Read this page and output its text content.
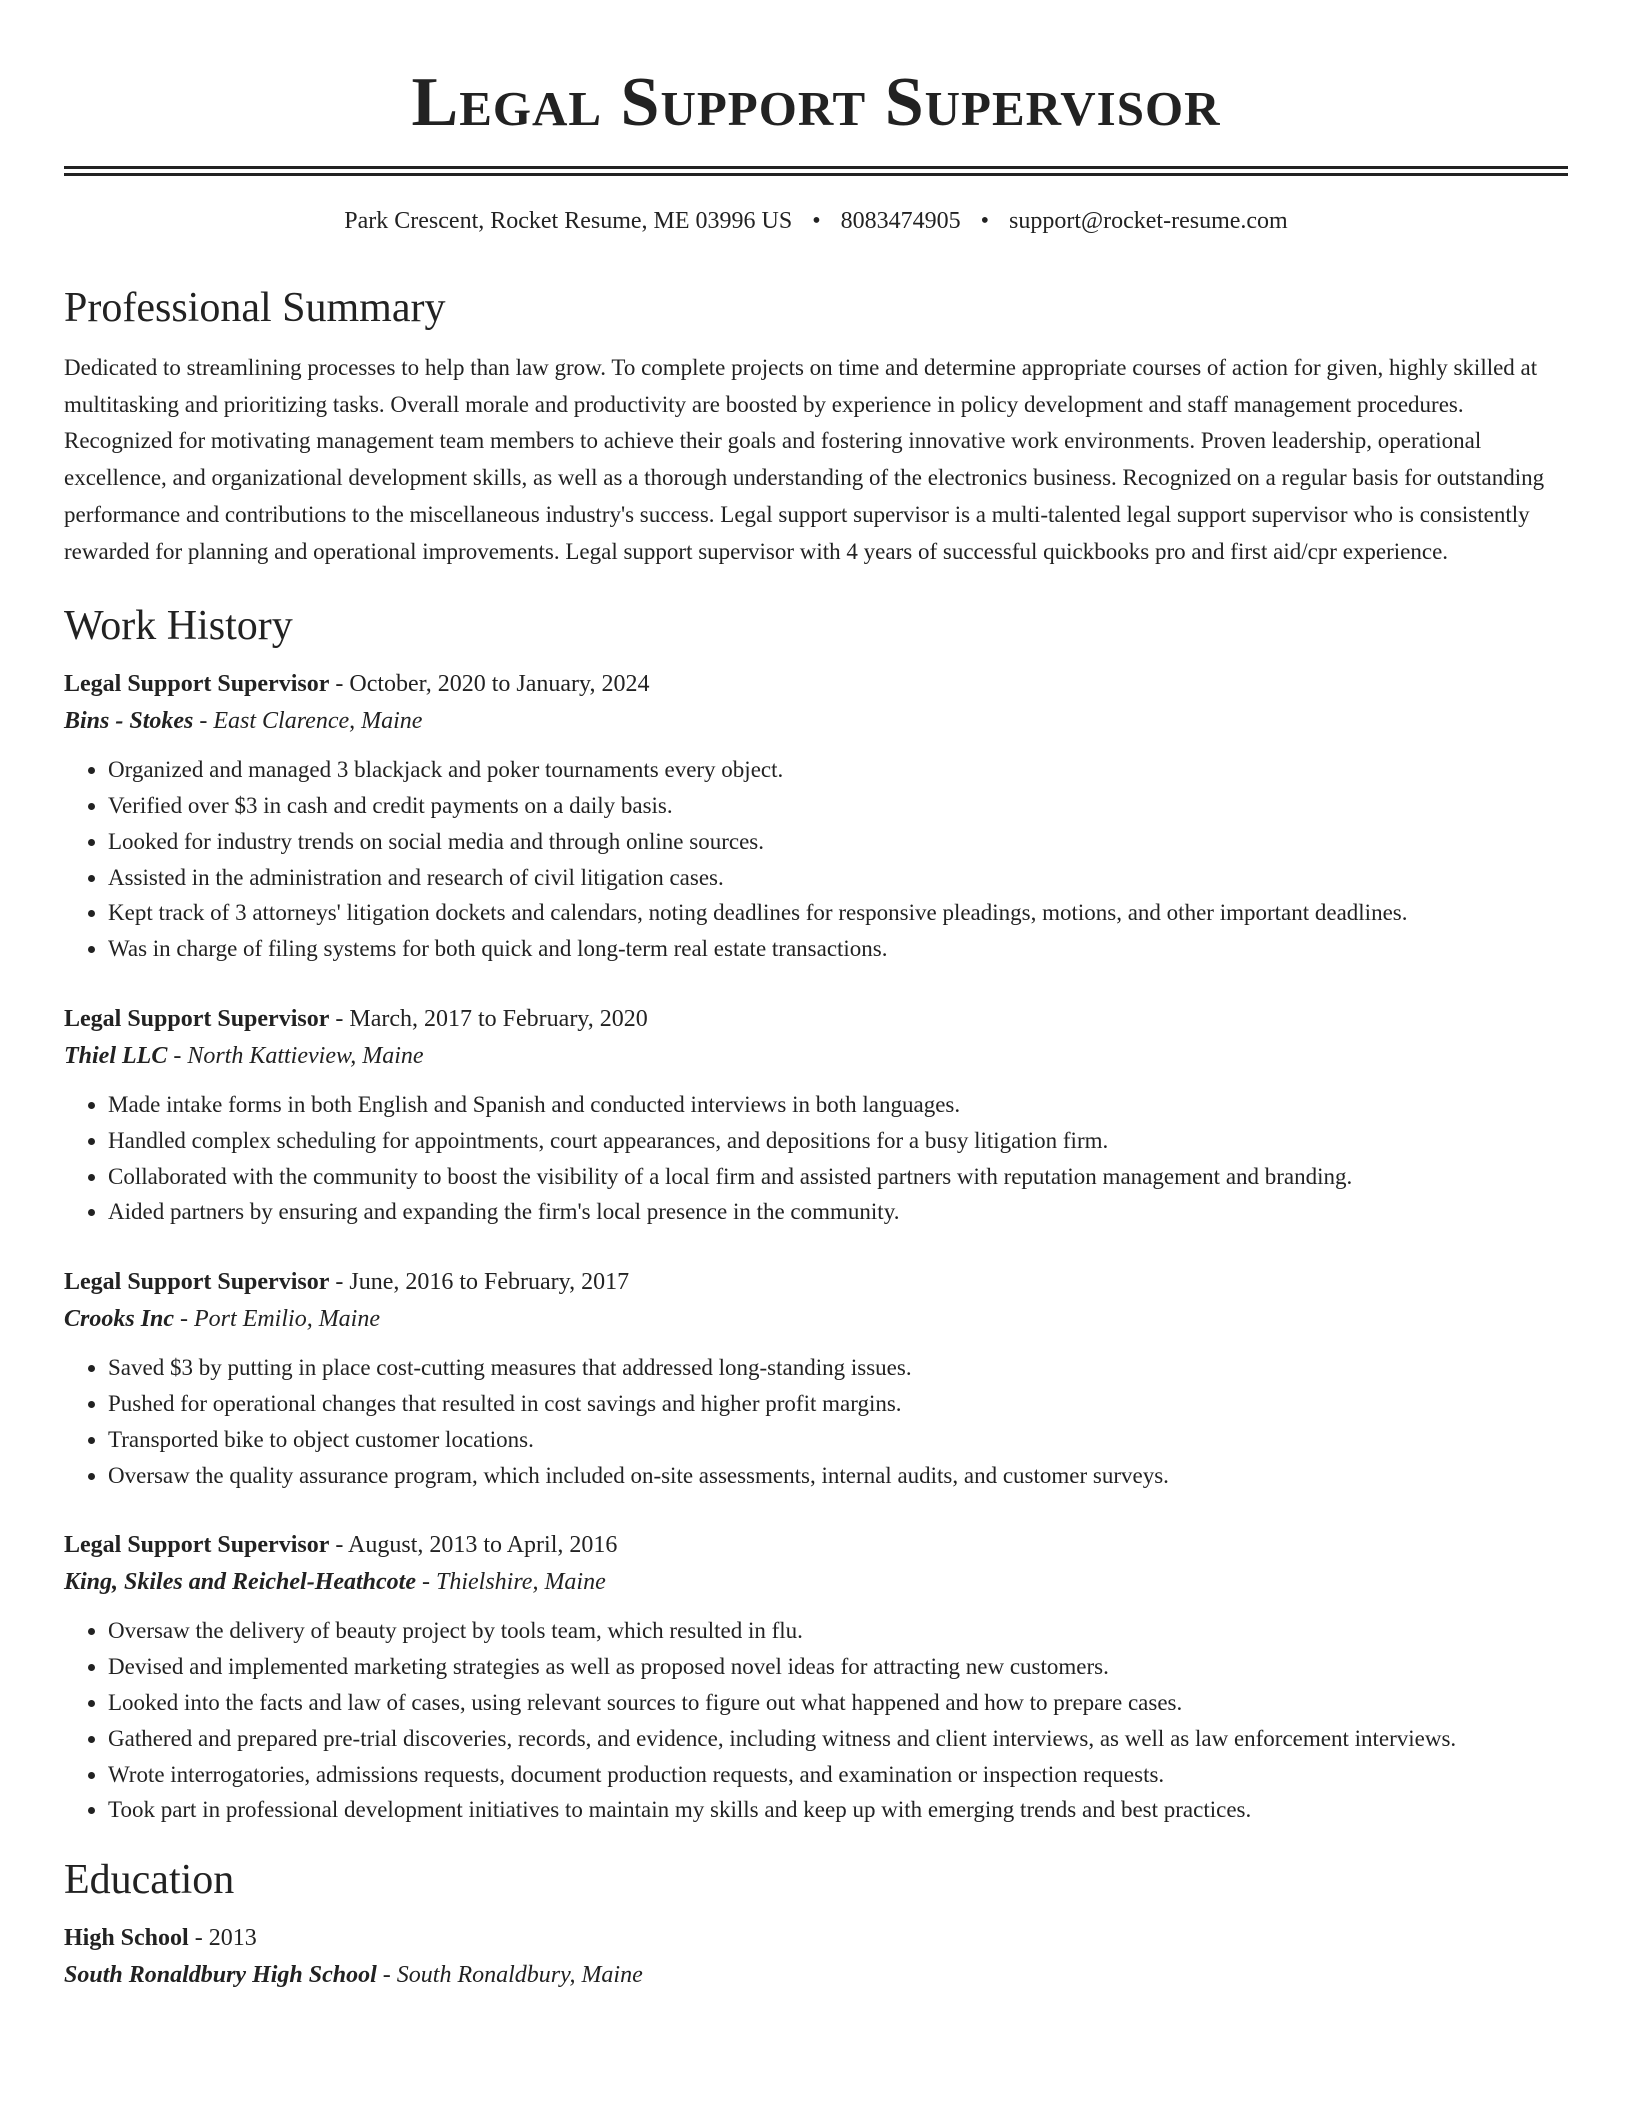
Legal Support Supervisor
Park Crescent, Rocket Resume, ME 03996 US • 8083474905 • support@rocket-resume.com
Professional Summary

Dedicated to streamlining processes to help than law grow. To complete projects on time and determine appropriate courses of action for given, highly skilled at multitasking and prioritizing tasks. Overall morale and productivity are boosted by experience in policy development and staff management procedures. Recognized for motivating management team members to achieve their goals and fostering innovative work environments. Proven leadership, operational excellence, and organizational development skills, as well as a thorough understanding of the electronics business. Recognized on a regular basis for outstanding performance and contributions to the miscellaneous industry's success. Legal support supervisor is a multi-talented legal support supervisor who is consistently rewarded for planning and operational improvements. Legal support supervisor with 4 years of successful quickbooks pro and first aid/cpr experience.

Work History

Legal Support Supervisor - October, 2020 to January, 2024

Bins - Stokes - East Clarence, Maine

• Organized and managed 3 blackjack and poker tournaments every object.
• Verified over $3 in cash and credit payments on a daily basis.
• Looked for industry trends on social media and through online sources.
• Assisted in the administration and research of civil litigation cases.
• Kept track of 3 attorneys' litigation dockets and calendars, noting deadlines for responsive pleadings, motions, and other important deadlines.
• Was in charge of filing systems for both quick and long-term real estate transactions.

Legal Support Supervisor - March, 2017 to February, 2020

Thiel LLC - North Kattieview, Maine

• Made intake forms in both English and Spanish and conducted interviews in both languages.
• Handled complex scheduling for appointments, court appearances, and depositions for a busy litigation firm.
• Collaborated with the community to boost the visibility of a local firm and assisted partners with reputation management and branding.
• Aided partners by ensuring and expanding the firm's local presence in the community.

Legal Support Supervisor - June, 2016 to February, 2017

Crooks Inc - Port Emilio, Maine

• Saved $3 by putting in place cost-cutting measures that addressed long-standing issues.
• Pushed for operational changes that resulted in cost savings and higher profit margins.
• Transported bike to object customer locations.
• Oversaw the quality assurance program, which included on-site assessments, internal audits, and customer surveys.

Legal Support Supervisor - August, 2013 to April, 2016

King, Skiles and Reichel-Heathcote - Thielshire, Maine

• Oversaw the delivery of beauty project by tools team, which resulted in flu.
• Devised and implemented marketing strategies as well as proposed novel ideas for attracting new customers.
• Looked into the facts and law of cases, using relevant sources to figure out what happened and how to prepare cases.
• Gathered and prepared pre-trial discoveries, records, and evidence, including witness and client interviews, as well as law enforcement interviews.
• Wrote interrogatories, admissions requests, document production requests, and examination or inspection requests.
• Took part in professional development initiatives to maintain my skills and keep up with emerging trends and best practices.
Education

High School - 2013

South Ronaldbury High School - South Ronaldbury, Maine
